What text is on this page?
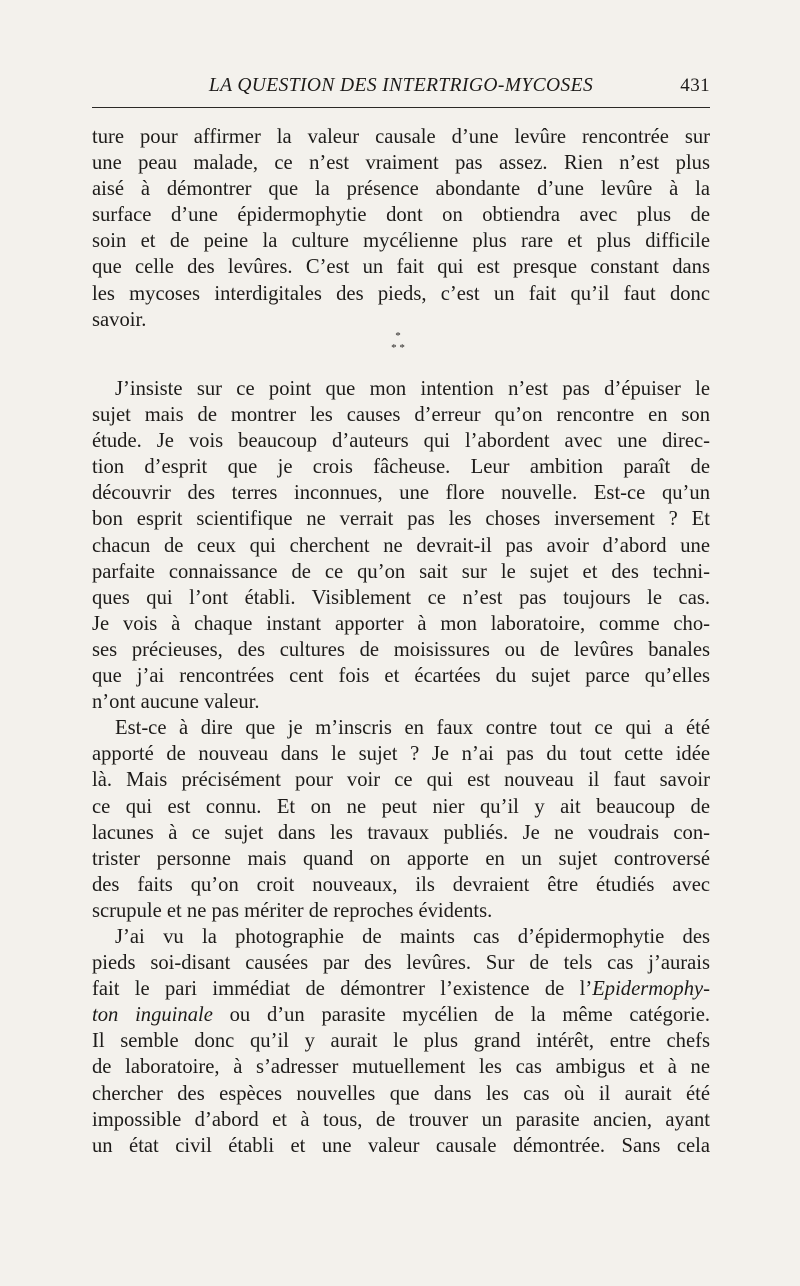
LA QUESTION DES INTERTRIGO-MYCOSES	431
ture pour affirmer la valeur causale d’une levûre rencontrée sur
une peau malade, ce n’est vraiment pas assez. Rien n’est plus
aisé à démontrer que la présence abondante d’une levûre à la
surface d’une épidermophytie dont on obtiendra avec plus de
soin et de peine la culture mycélienne plus rare et plus difficile
que celle des levûres. C’est un fait qui est presque constant dans
les mycoses interdigitales des pieds, c’est un fait qu’il faut donc
savoir.
*
* *
J’insiste sur ce point que mon intention n’est pas d’épuiser le
sujet mais de montrer les causes d’erreur qu’on rencontre en son
étude. Je vois beaucoup d’auteurs qui l’abordent avec une direc-
tion d’esprit que je crois fâcheuse. Leur ambition paraît de
découvrir des terres inconnues, une flore nouvelle. Est-ce qu’un
bon esprit scientifique ne verrait pas les choses inversement ? Et
chacun de ceux qui cherchent ne devrait-il pas avoir d’abord une
parfaite connaissance de ce qu’on sait sur le sujet et des techni-
ques qui l’ont établi. Visiblement ce n’est pas toujours le cas.
Je vois à chaque instant apporter à mon laboratoire, comme cho-
ses précieuses, des cultures de moisissures ou de levûres banales
que j’ai rencontrées cent fois et écartées du sujet parce qu’elles
n’ont aucune valeur.
Est-ce à dire que je m’inscris en faux contre tout ce qui a été
apporté de nouveau dans le sujet ? Je n’ai pas du tout cette idée
là. Mais précisément pour voir ce qui est nouveau il faut savoir
ce qui est connu. Et on ne peut nier qu’il y ait beaucoup de
lacunes à ce sujet dans les travaux publiés. Je ne voudrais con-
trister personne mais quand on apporte en un sujet controversé
des faits qu’on croit nouveaux, ils devraient être étudiés avec
scrupule et ne pas mériter de reproches évidents.
J’ai vu la photographie de maints cas d’épidermophytie des
pieds soi-disant causées par des levûres. Sur de tels cas j’aurais
fait le pari immédiat de démontrer l’existence de l’Epidermophy-
ton inguinale ou d’un parasite mycélien de la même catégorie.
Il semble donc qu’il y aurait le plus grand intérêt, entre chefs
de laboratoire, à s’adresser mutuellement les cas ambigus et à ne
chercher des espèces nouvelles que dans les cas où il aurait été
impossible d’abord et à tous, de trouver un parasite ancien, ayant
un état civil établi et une valeur causale démontrée. Sans cela
